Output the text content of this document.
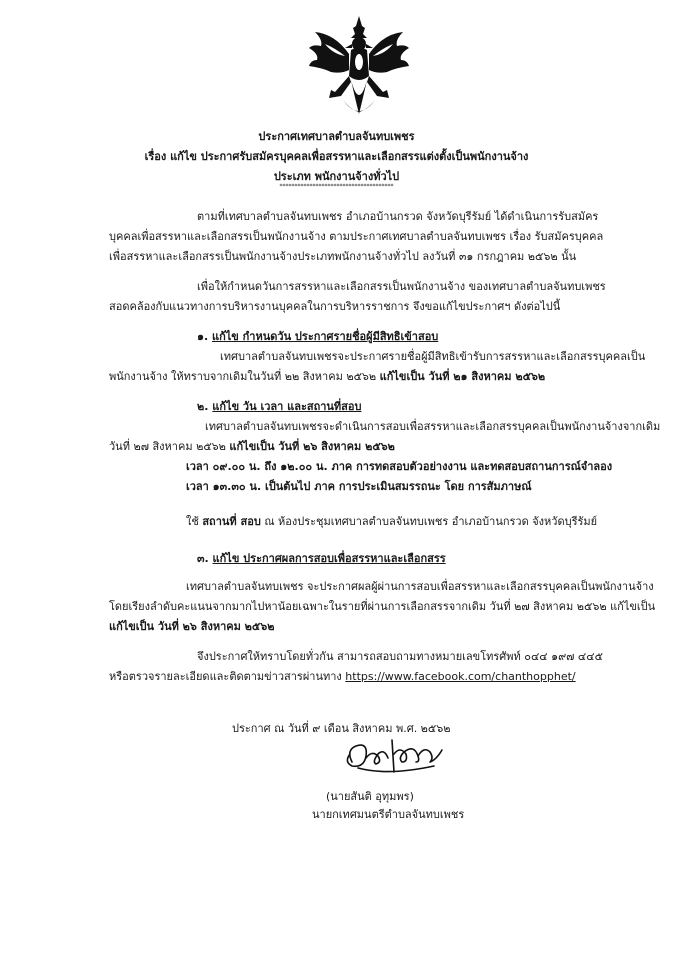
ประกาศเทศบาลตำบลจันทบเพชร
เรื่อง แก้ไข ประกาศรับสมัครบุคคลเพื่อสรรหาและเลือกสรรแต่งตั้งเป็นพนักงานจ้าง
ประเภท พนักงานจ้างทั่วไป
**************************************
ตามที่เทศบาลตำบลจันทบเพชร อำเภอบ้านกรวด จังหวัดบุรีรัมย์ ได้ดำเนินการรับสมัคร
บุคคลเพื่อสรรหาและเลือกสรรเป็นพนักงานจ้าง ตามประกาศเทศบาลตำบลจันทบเพชร เรื่อง รับสมัครบุคคล
เพื่อสรรหาและเลือกสรรเป็นพนักงานจ้างประเภทพนักงานจ้างทั่วไป ลงวันที่ ๓๑ กรกฎาคม ๒๕๖๒ นั้น
เพื่อให้กำหนดวันการสรรหาและเลือกสรรเป็นพนักงานจ้าง ของเทศบาลตำบลจันทบเพชร
สอดคล้องกับแนวทางการบริหารงานบุคคลในการบริหารราชการ จึงขอแก้ไขประกาศฯ ดังต่อไปนี้
๑. แก้ไข กำหนดวัน ประกาศรายชื่อผู้มีสิทธิเข้าสอบ
เทศบาลตำบลจันทบเพชรจะประกาศรายชื่อผู้มีสิทธิเข้ารับการสรรหาและเลือกสรรบุคคลเป็น
พนักงานจ้าง ให้ทราบจากเดิมในวันที่ ๒๒ สิงหาคม ๒๕๖๒ แก้ไขเป็น วันที่ ๒๑ สิงหาคม ๒๕๖๒
๒. แก้ไข วัน เวลา และสถานที่สอบ
เทศบาลตำบลจันทบเพชรจะดำเนินการสอบเพื่อสรรหาและเลือกสรรบุคคลเป็นพนักงานจ้างจากเดิม
วันที่ ๒๗ สิงหาคม ๒๕๖๒ แก้ไขเป็น วันที่ ๒๖ สิงหาคม ๒๕๖๒
เวลา ๐๙.๐๐ น. ถึง ๑๒.๐๐ น. ภาค การทดสอบตัวอย่างงาน และทดสอบสถานการณ์จำลอง
เวลา ๑๓.๓๐ น. เป็นต้นไป ภาค การประเมินสมรรถนะ โดย การสัมภาษณ์
ใช้ สถานที่ สอบ ณ ห้องประชุมเทศบาลตำบลจันทบเพชร อำเภอบ้านกรวด จังหวัดบุรีรัมย์
๓. แก้ไข ประกาศผลการสอบเพื่อสรรหาและเลือกสรร
เทศบาลตำบลจันทบเพชร จะประกาศผลผู้ผ่านการสอบเพื่อสรรหาและเลือกสรรบุคคลเป็นพนักงานจ้าง
โดยเรียงลำดับคะแนนจากมากไปหาน้อยเฉพาะในรายที่ผ่านการเลือกสรรจากเดิม วันที่ ๒๗ สิงหาคม ๒๕๖๒ แก้ไขเป็น
แก้ไขเป็น วันที่ ๒๖ สิงหาคม ๒๕๖๒
จึงประกาศให้ทราบโดยทั่วกัน สามารถสอบถามทางหมายเลขโทรศัพท์ ๐๔๔ ๑๙๗ ๔๔๕
หรือตรวจรายละเอียดและติดตามข่าวสารผ่านทาง https://www.facebook.com/chanthopphet/
ประกาศ ณ วันที่ ๙ เดือน สิงหาคม พ.ศ. ๒๕๖๒
(นายสันติ อุทุมพร)
นายกเทศมนตรีตำบลจันทบเพชร
